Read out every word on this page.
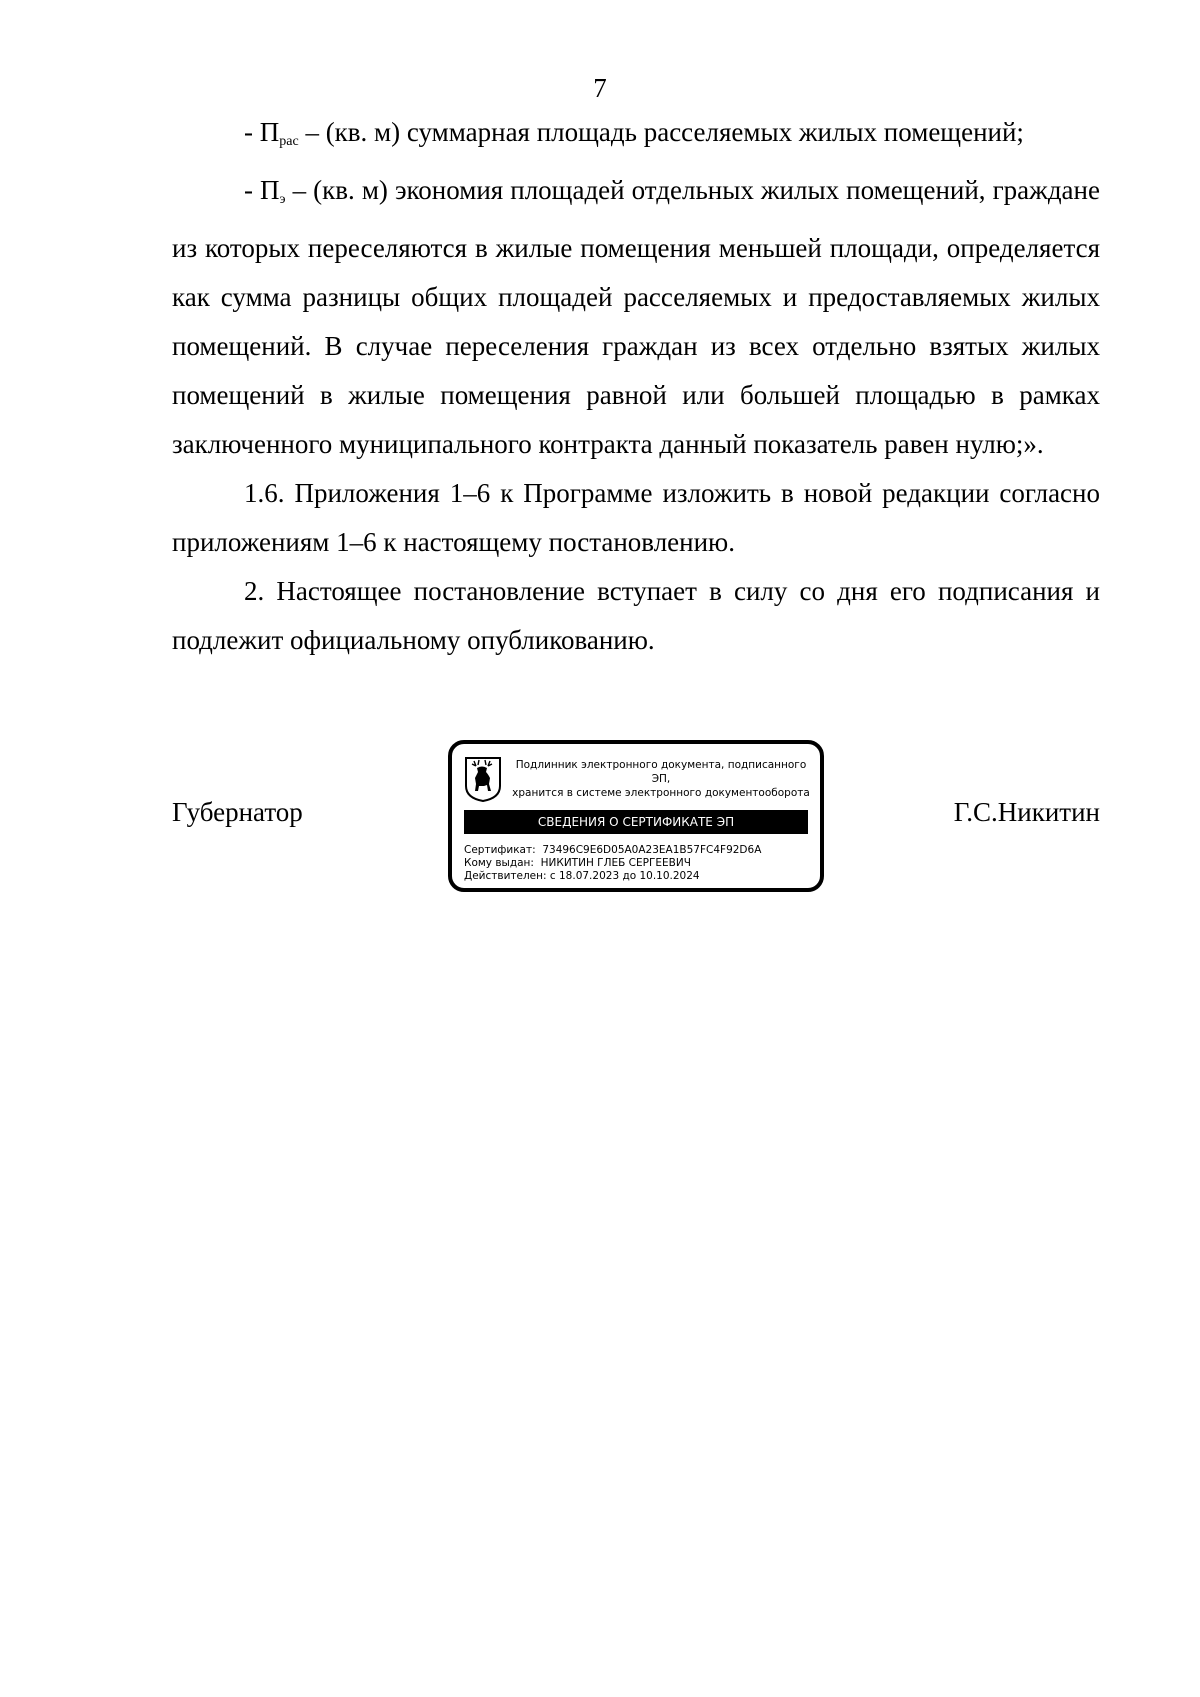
7

- $П_{рас} - (кв$. м) суммарная площадь расселяемых жилых помещений;

- $П_э - (кв$. м) экономия площадей отдельных жилых помещений, граждане из которых переселяются в жилые помещения меньшей площади, определяется как сумма разницы общих площадей расселяемых и предоставляемых жилых помещений. В случае переселения граждан из всех отдельно взятых жилых помещений в жилые помещения равной или большей площадью в рамках заключенного муниципального контракта данный показатель равен нулю;».

1.6. Приложения 1–6 к Программе изложить в новой редакции согласно приложениям 1–6 к настоящему постановлению.

2. Настоящее постановление вступает в силу со дня его подписания и подлежит официальному опубликованию.

Губернатор
Подлинник электронного документа, подписанного ЭП,
хранится в системе электронного документооборота
СВЕДЕНИЯ О СЕРТИФИКАТЕ ЭП
Сертификат: 73496C9E6D05A0A23EA1B57FC4F92D6A
Кому выдан: НИКИТИН ГЛЕБ СЕРГЕЕВИЧ
Действителен: с 18.07.2023 до 10.10.2024
Г.С.Никитин
